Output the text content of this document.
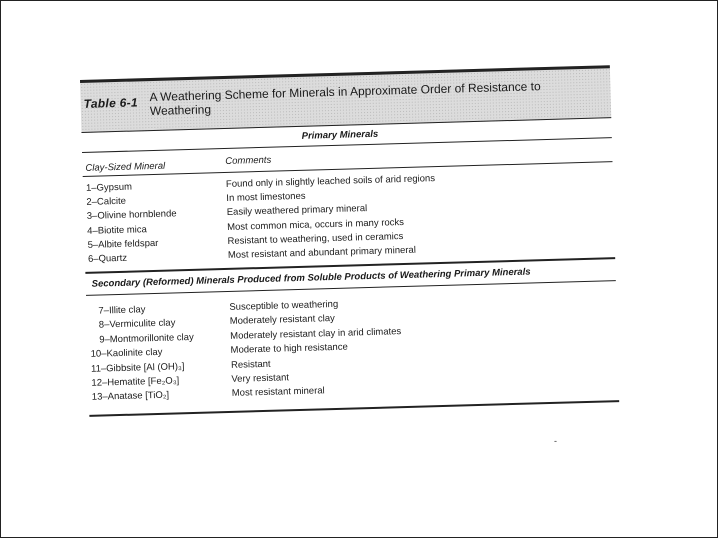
Table 6-1 A Weathering Scheme for Minerals in Approximate Order of Resistance to Weathering
Primary Minerals
Clay-Sized Mineral	Comments
1–Gypsum	Found only in slightly leached soils of arid regions
2–Calcite	In most limestones
3–Olivine hornblende	Easily weathered primary mineral
4–Biotite mica	Most common mica, occurs in many rocks
5–Albite feldspar	Resistant to weathering, used in ceramics
6–Quartz	Most resistant and abundant primary mineral
Secondary (Reformed) Minerals Produced from Soluble Products of Weathering Primary Minerals
7–Illite clay	Susceptible to weathering
8–Vermiculite clay	Moderately resistant clay
9–Montmorillonite clay	Moderately resistant clay in arid climates
10–Kaolinite clay	Moderate to high resistance
11–Gibbsite [Al (OH)₃]	Resistant
12–Hematite [Fe₂O₃]	Very resistant
13–Anatase [TiO₂]	Most resistant mineral
-
